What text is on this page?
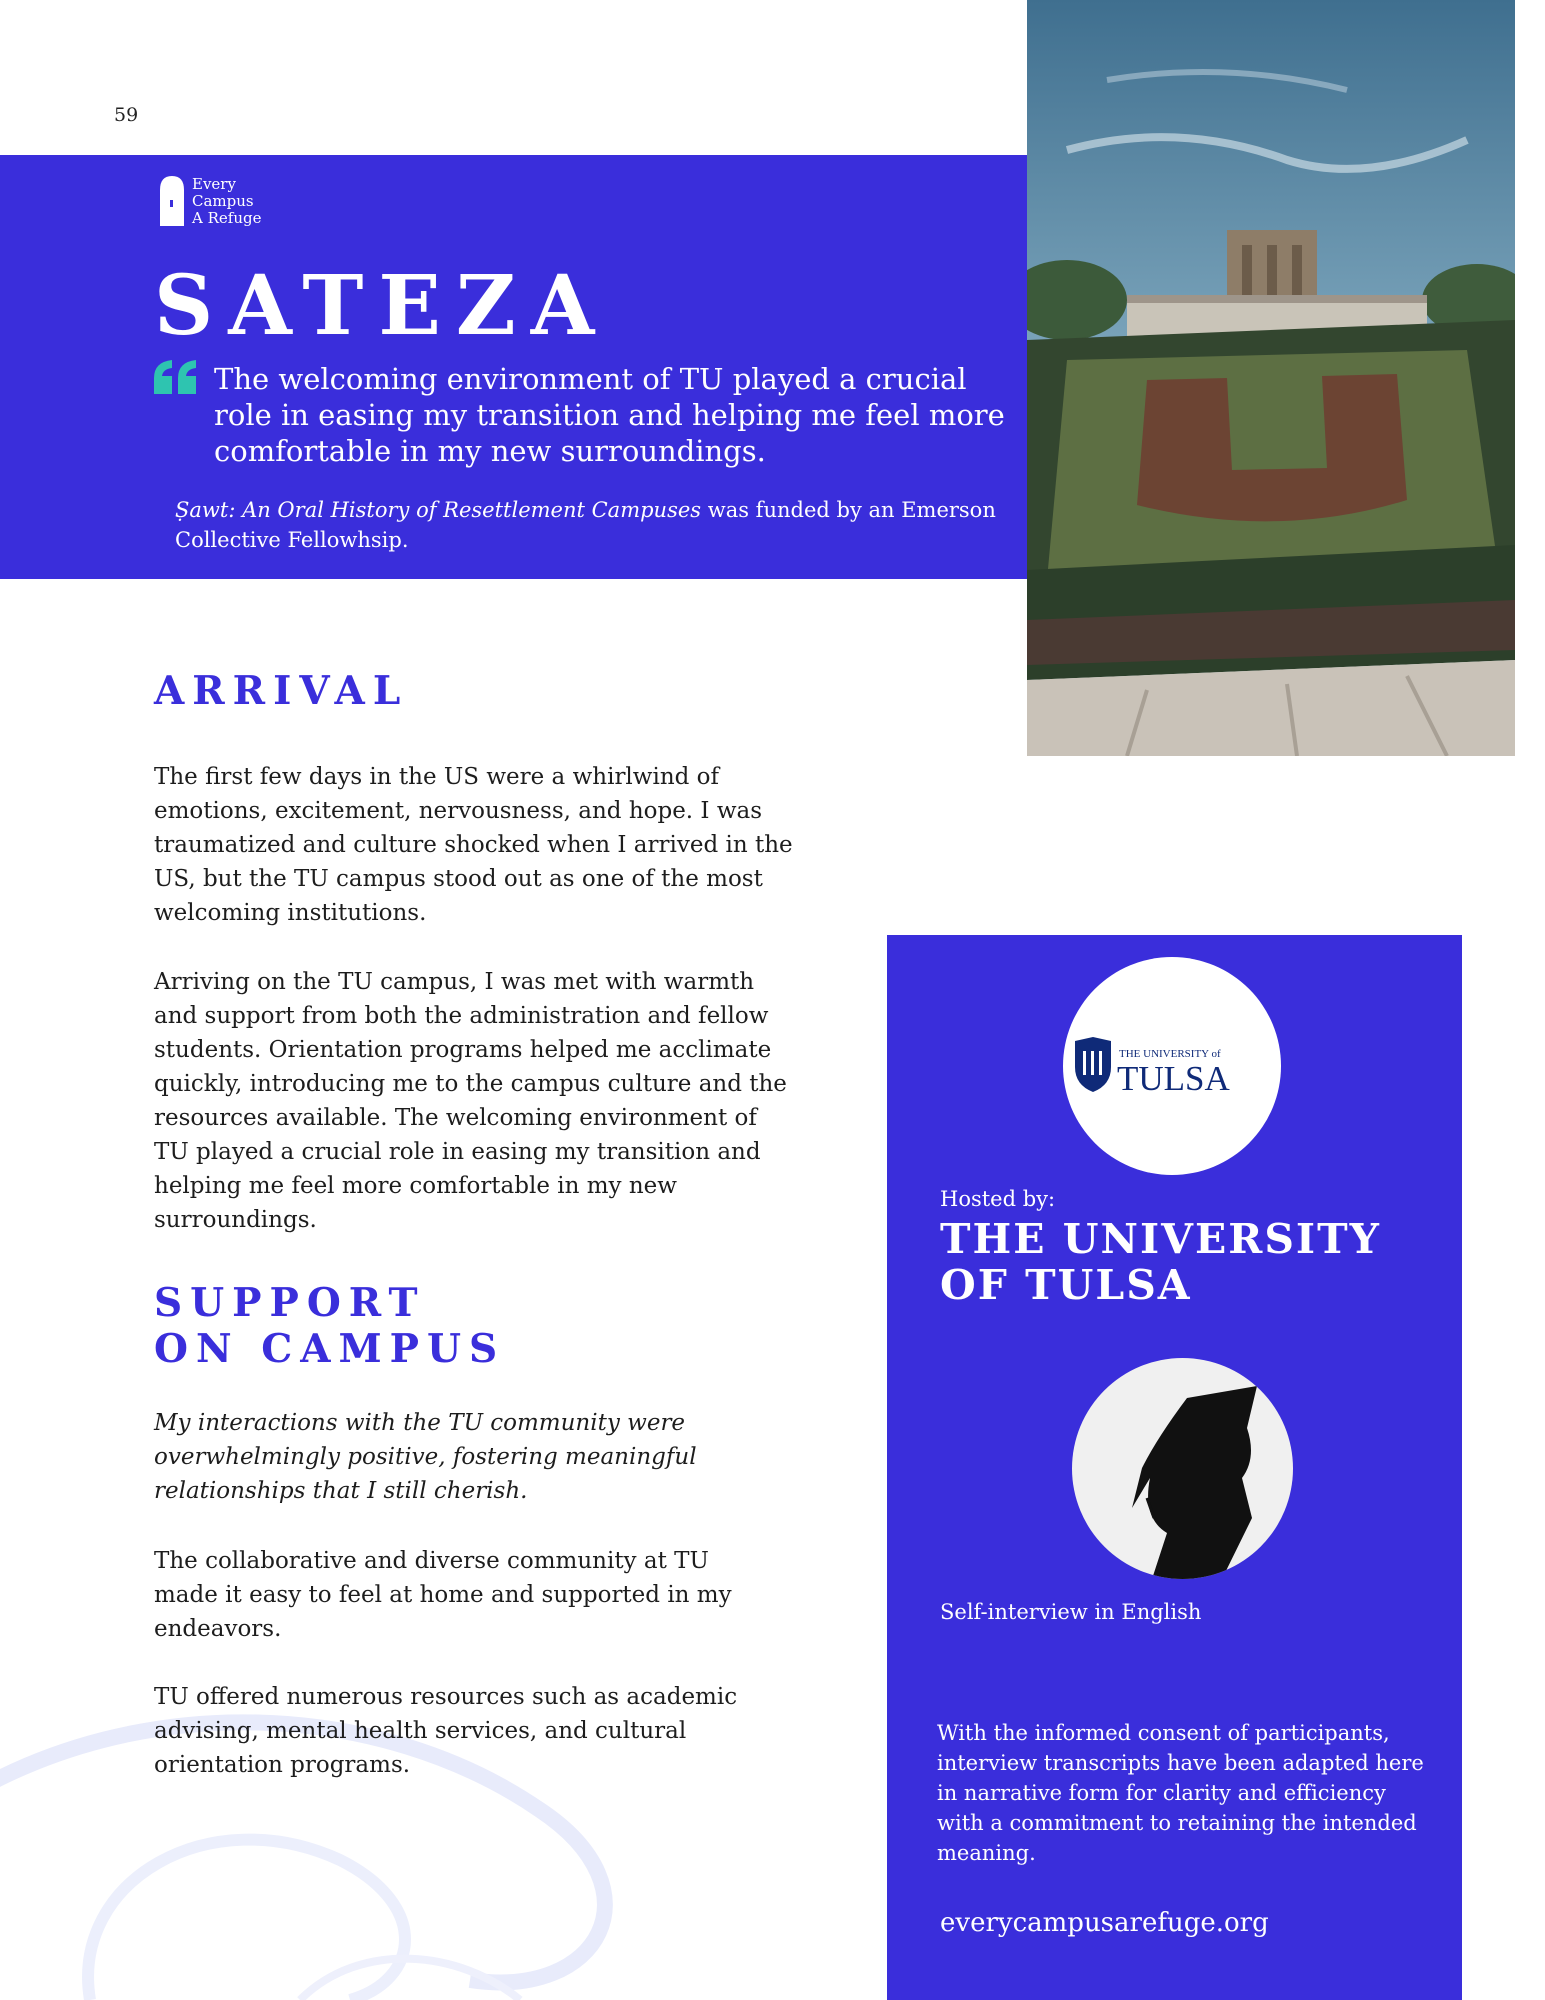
59
Every
Campus
A Refuge
SATEZA

The welcoming environment of TU played a crucial role in easing my transition and helping me feel more comfortable in my new surroundings.

Ṣawt: An Oral History of Resettlement Campuses was funded by an Emerson Collective Fellowhsip.

ARRIVAL

The first few days in the US were a whirlwind of emotions, excitement, nervousness, and hope. I was traumatized and culture shocked when I arrived in the US, but the TU campus stood out as one of the most welcoming institutions.

Arriving on the TU campus, I was met with warmth and support from both the administration and fellow students. Orientation programs helped me acclimate quickly, introducing me to the campus culture and the resources available. The welcoming environment of TU played a crucial role in easing my transition and helping me feel more comfortable in my new surroundings.

SUPPORT
ON CAMPUS

My interactions with the TU community were overwhelmingly positive, fostering meaningful relationships that I still cherish.

The collaborative and diverse community at TU made it easy to feel at home and supported in my endeavors.

TU offered numerous resources such as academic advising, mental health services, and cultural orientation programs.

THE UNIVERSITY of
TULSA

Hosted by:

THE UNIVERSITY
OF TULSA

Self-interview in English

With the informed consent of participants, interview transcripts have been adapted here in narrative form for clarity and efficiency with a commitment to retaining the intended meaning.

everycampusarefuge.org
